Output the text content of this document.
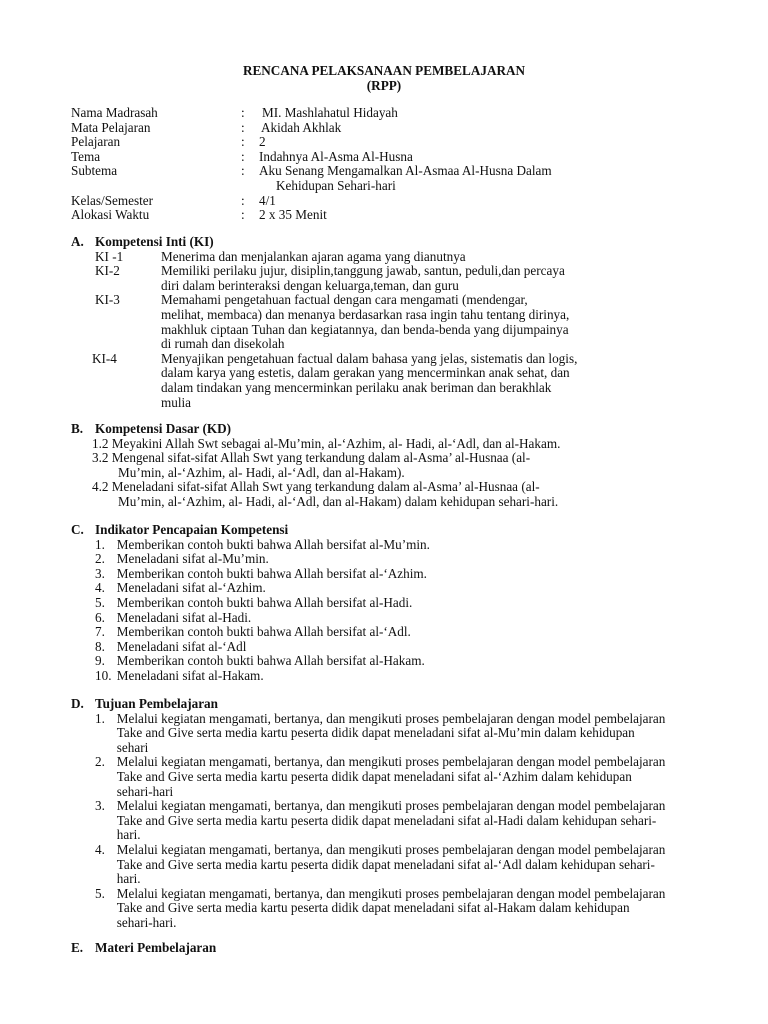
RENCANA PELAKSANAAN PEMBELAJARAN
(RPP)
Nama Madrasah	:	MI. Mashlahatul Hidayah
Mata Pelajaran	:	Akidah Akhlak
Pelajaran	:	2
Tema	:	Indahnya Al-Asma Al-Husna
Subtema	:	Aku Senang Mengamalkan Al-Asmaa Al-Husna Dalam
Kehidupan Sehari-hari
Kelas/Semester	:	4/1
Alokasi Waktu	:	2 x 35 Menit
A. Kompetensi Inti (KI)
KI -1	Menerima dan menjalankan ajaran agama yang dianutnya
KI-2	Memiliki perilaku jujur, disiplin,tanggung jawab, santun, peduli,dan percaya
diri dalam berinteraksi dengan keluarga,teman, dan guru
KI-3	Memahami pengetahuan factual dengan cara mengamati (mendengar,
melihat, membaca) dan menanya berdasarkan rasa ingin tahu tentang dirinya,
makhluk ciptaan Tuhan dan kegiatannya, dan benda-benda yang dijumpainya
di rumah dan disekolah
KI-4	Menyajikan pengetahuan factual dalam bahasa yang jelas, sistematis dan logis,
dalam karya yang estetis, dalam gerakan yang mencerminkan anak sehat, dan
dalam tindakan yang mencerminkan perilaku anak beriman dan berakhlak
mulia
B. Kompetensi Dasar (KD)
1.2 Meyakini Allah Swt sebagai al-Mu’min, al-‘Azhim, al- Hadi, al-‘Adl, dan al-Hakam.
3.2 Mengenal sifat-sifat Allah Swt yang terkandung dalam al-Asma’ al-Husnaa (al-
Mu’min, al-‘Azhim, al- Hadi, al-‘Adl, dan al-Hakam).
4.2 Meneladani sifat-sifat Allah Swt yang terkandung dalam al-Asma’ al-Husnaa (al-
Mu’min, al-‘Azhim, al- Hadi, al-‘Adl, dan al-Hakam) dalam kehidupan sehari-hari.
C. Indikator Pencapaian Kompetensi
1. Memberikan contoh bukti bahwa Allah bersifat al-Mu’min.
2. Meneladani sifat al-Mu’min.
3. Memberikan contoh bukti bahwa Allah bersifat al-‘Azhim.
4. Meneladani sifat al-‘Azhim.
5. Memberikan contoh bukti bahwa Allah bersifat al-Hadi.
6. Meneladani sifat al-Hadi.
7. Memberikan contoh bukti bahwa Allah bersifat al-‘Adl.
8. Meneladani sifat al-‘Adl
9. Memberikan contoh bukti bahwa Allah bersifat al-Hakam.
10. Meneladani sifat al-Hakam.
D. Tujuan Pembelajaran
1. Melalui kegiatan mengamati, bertanya, dan mengikuti proses pembelajaran dengan model pembelajaran
Take and Give serta media kartu peserta didik dapat meneladani sifat al-Mu’min dalam kehidupan
sehari
2. Melalui kegiatan mengamati, bertanya, dan mengikuti proses pembelajaran dengan model pembelajaran
Take and Give serta media kartu peserta didik dapat meneladani sifat al-‘Azhim dalam kehidupan
sehari-hari
3. Melalui kegiatan mengamati, bertanya, dan mengikuti proses pembelajaran dengan model pembelajaran
Take and Give serta media kartu peserta didik dapat meneladani sifat al-Hadi dalam kehidupan sehari-
hari.
4. Melalui kegiatan mengamati, bertanya, dan mengikuti proses pembelajaran dengan model pembelajaran
Take and Give serta media kartu peserta didik dapat meneladani sifat al-‘Adl dalam kehidupan sehari-
hari.
5. Melalui kegiatan mengamati, bertanya, dan mengikuti proses pembelajaran dengan model pembelajaran
Take and Give serta media kartu peserta didik dapat meneladani sifat al-Hakam dalam kehidupan
sehari-hari.
E. Materi Pembelajaran
